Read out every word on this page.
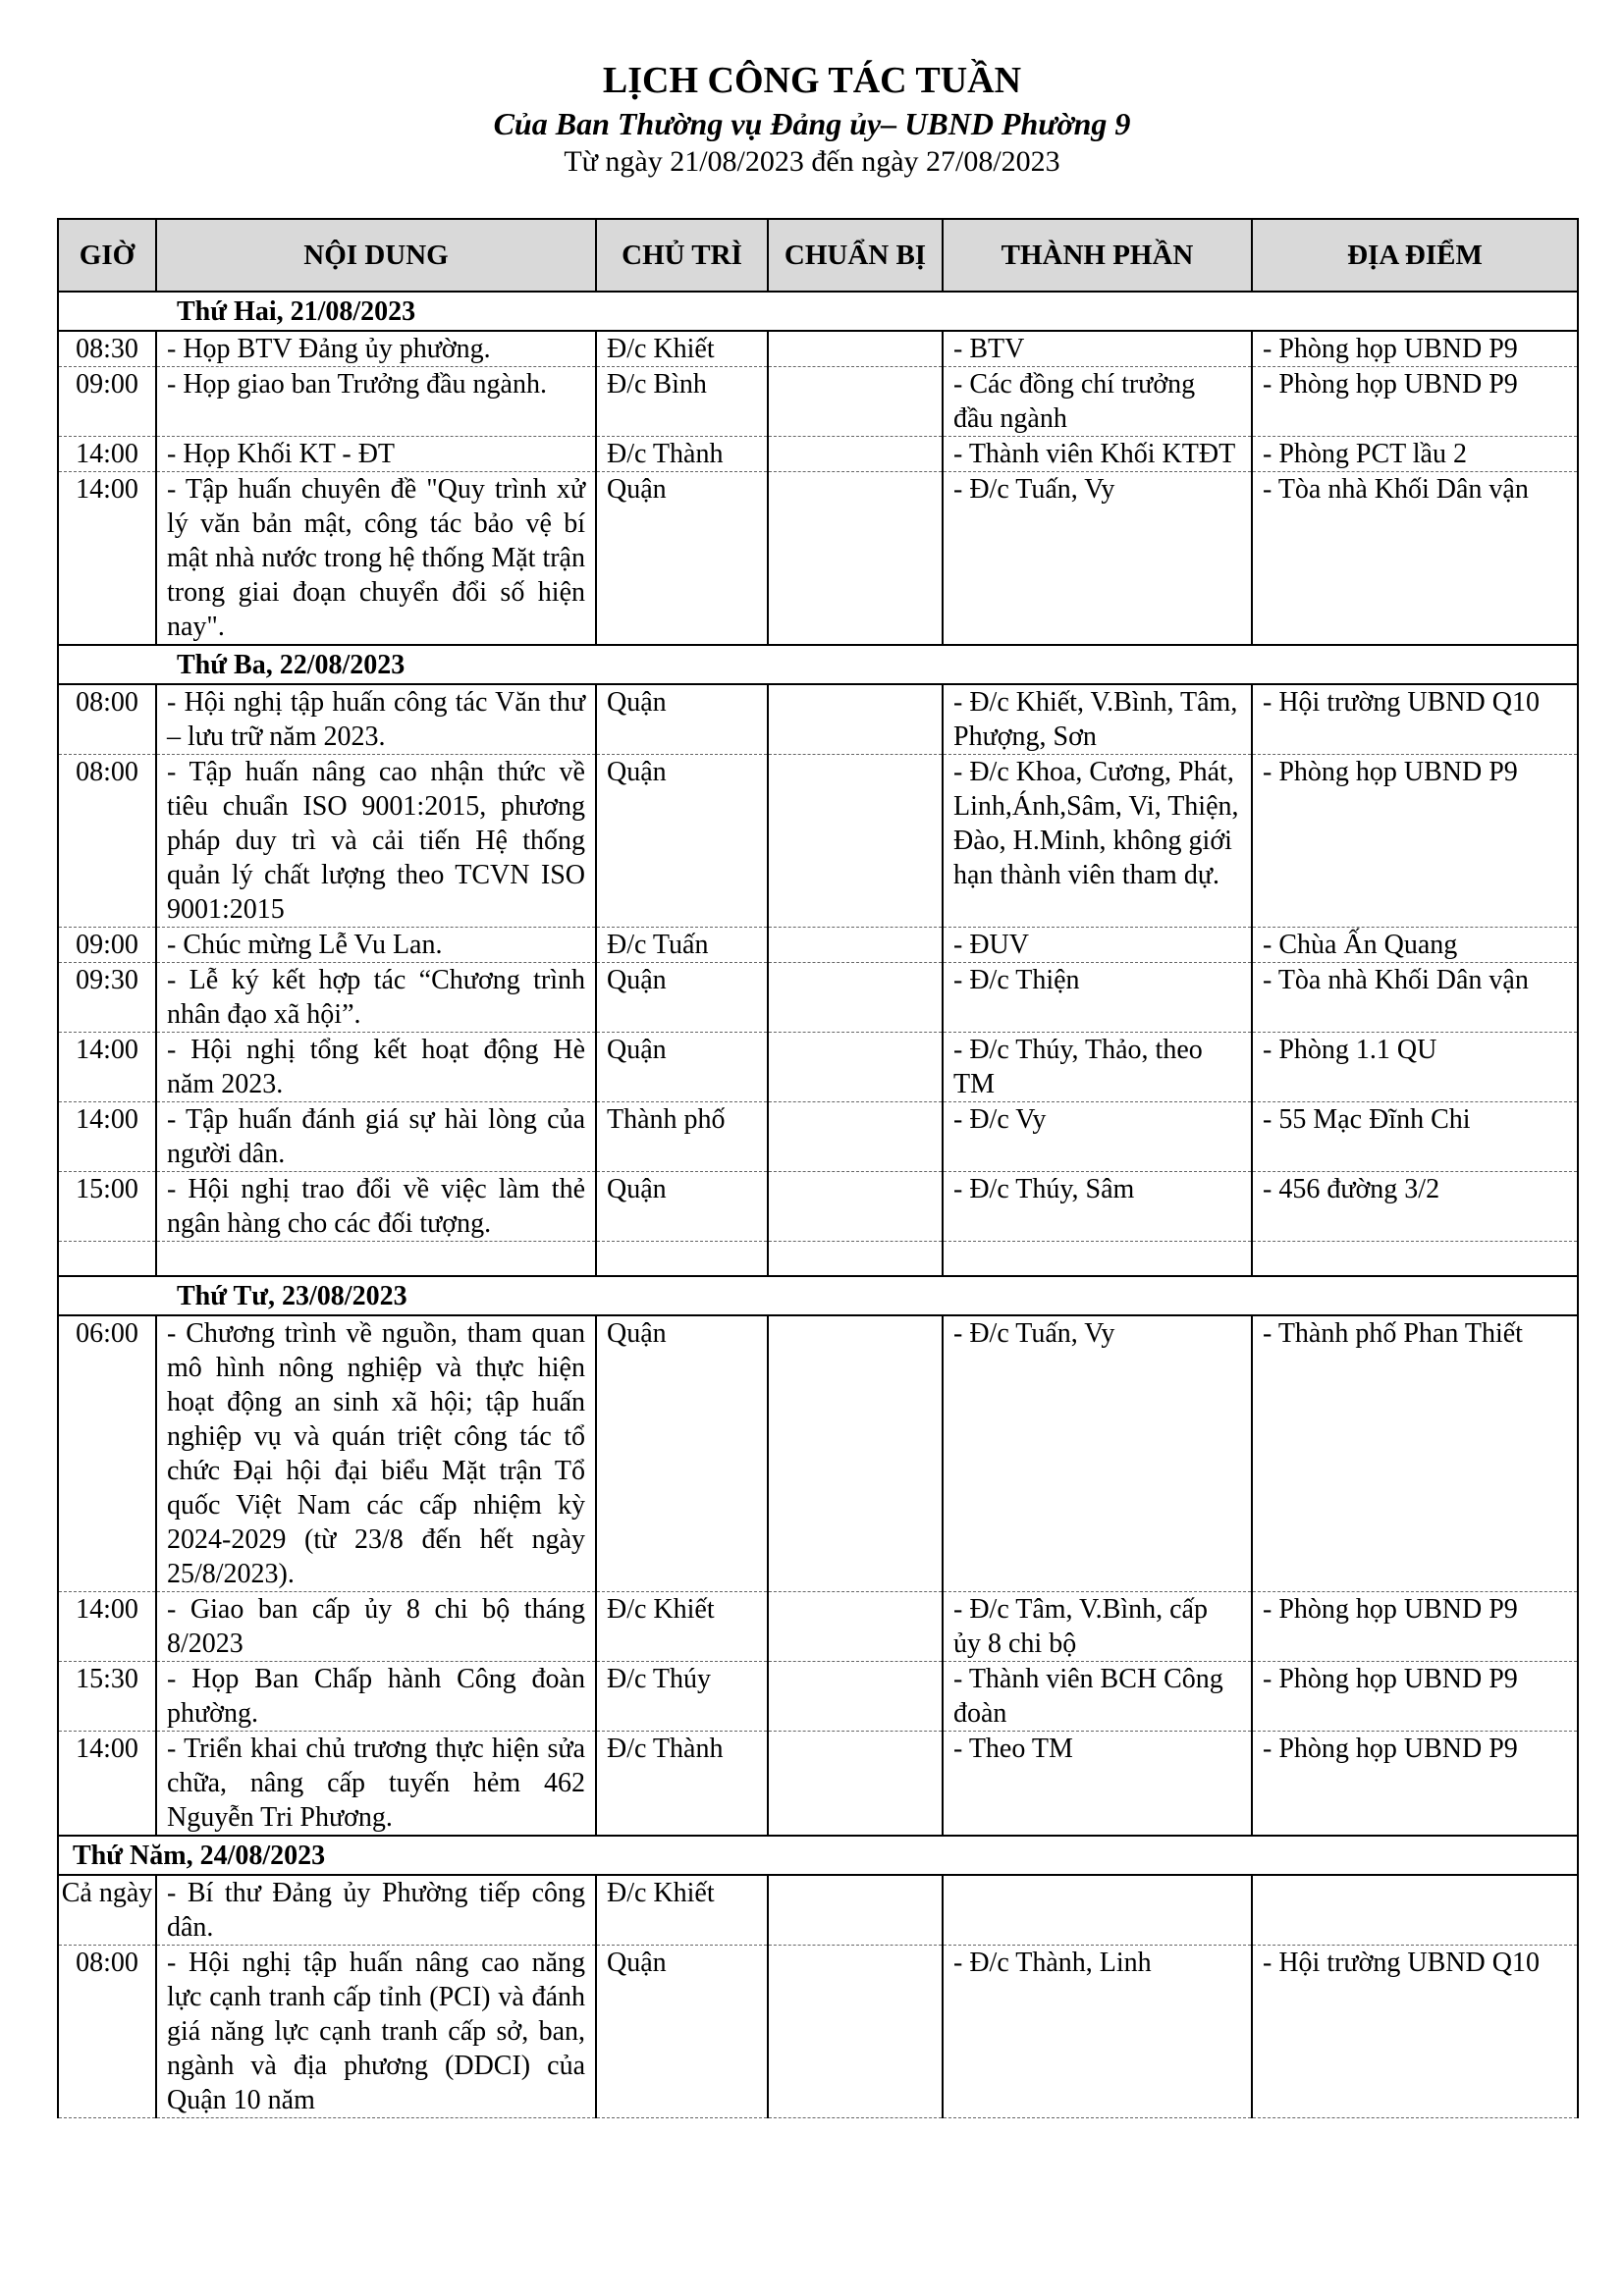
LỊCH CÔNG TÁC TUẦN
Của Ban Thường vụ Đảng ủy– UBND Phường 9
Từ ngày 21/08/2023 đến ngày 27/08/2023
GIỜ	NỘI DUNG	CHỦ TRÌ	CHUẨN BỊ	THÀNH PHẦN	ĐỊA ĐIỂM
Thứ Hai, 21/08/2023					
08:30	- Họp BTV Đảng ủy phường.	Đ/c Khiết		- BTV	- Phòng họp UBND P9
09:00	- Họp giao ban Trưởng đầu ngành.	Đ/c Bình		- Các đồng chí trưởng đầu ngành	- Phòng họp UBND P9
14:00	- Họp Khối KT - ĐT	Đ/c Thành		- Thành viên Khối KTĐT	- Phòng PCT lầu 2
14:00	- Tập huấn chuyên đề "Quy trình xử lý văn bản mật, công tác bảo vệ bí mật nhà nước trong hệ thống Mặt trận trong giai đoạn chuyển đổi số hiện nay".	Quận		- Đ/c Tuấn, Vy	- Tòa nhà Khối Dân vận
Thứ Ba, 22/08/2023					
08:00	- Hội nghị tập huấn công tác Văn thư – lưu trữ năm 2023.	Quận		- Đ/c Khiết, V.Bình, Tâm, Phượng, Sơn	- Hội trường UBND Q10
08:00	- Tập huấn nâng cao nhận thức về tiêu chuẩn ISO 9001:2015, phương pháp duy trì và cải tiến Hệ thống quản lý chất lượng theo TCVN ISO 9001:2015	Quận		- Đ/c Khoa, Cương, Phát, Linh,Ánh,Sâm, Vi, Thiện, Đào, H.Minh, không giới hạn thành viên tham dự.	- Phòng họp UBND P9
09:00	- Chúc mừng Lễ Vu Lan.	Đ/c Tuấn		- ĐUV	- Chùa Ấn Quang
09:30	- Lễ ký kết hợp tác “Chương trình nhân đạo xã hội”.	Quận		- Đ/c Thiện	- Tòa nhà Khối Dân vận
14:00	- Hội nghị tổng kết hoạt động Hè năm 2023.	Quận		- Đ/c Thúy, Thảo, theo TM	- Phòng 1.1 QU
14:00	- Tập huấn đánh giá sự hài lòng của người dân.	Thành phố		- Đ/c Vy	- 55 Mạc Đĩnh Chi
15:00	- Hội nghị trao đổi về việc làm thẻ ngân hàng cho các đối tượng.	Quận		- Đ/c Thúy, Sâm	- 456 đường 3/2

Thứ Tư, 23/08/2023					
06:00	- Chương trình về nguồn, tham quan mô hình nông nghiệp và thực hiện hoạt động an sinh xã hội; tập huấn nghiệp vụ và quán triệt công tác tổ chức Đại hội đại biểu Mặt trận Tổ quốc Việt Nam các cấp nhiệm kỳ 2024-2029 (từ 23/8 đến hết ngày 25/8/2023).	Quận		- Đ/c Tuấn, Vy	- Thành phố Phan Thiết
14:00	- Giao ban cấp ủy 8 chi bộ tháng 8/2023	Đ/c Khiết		- Đ/c Tâm, V.Bình, cấp ủy 8 chi bộ	- Phòng họp UBND P9
15:30	- Họp Ban Chấp hành Công đoàn phường.	Đ/c Thúy		- Thành viên BCH Công đoàn	- Phòng họp UBND P9
14:00	- Triển khai chủ trương thực hiện sửa chữa, nâng cấp tuyến hẻm 462 Nguyễn Tri Phương.	Đ/c Thành		- Theo TM	- Phòng họp UBND P9
Thứ Năm, 24/08/2023					
Cả ngày	- Bí thư Đảng ủy Phường tiếp công dân.	Đ/c Khiết			
08:00	- Hội nghị tập huấn nâng cao năng lực cạnh tranh cấp tỉnh (PCI) và đánh giá năng lực cạnh tranh cấp sở, ban, ngành và địa phương (DDCI) của Quận 10 năm	Quận		- Đ/c Thành, Linh	- Hội trường UBND Q10
